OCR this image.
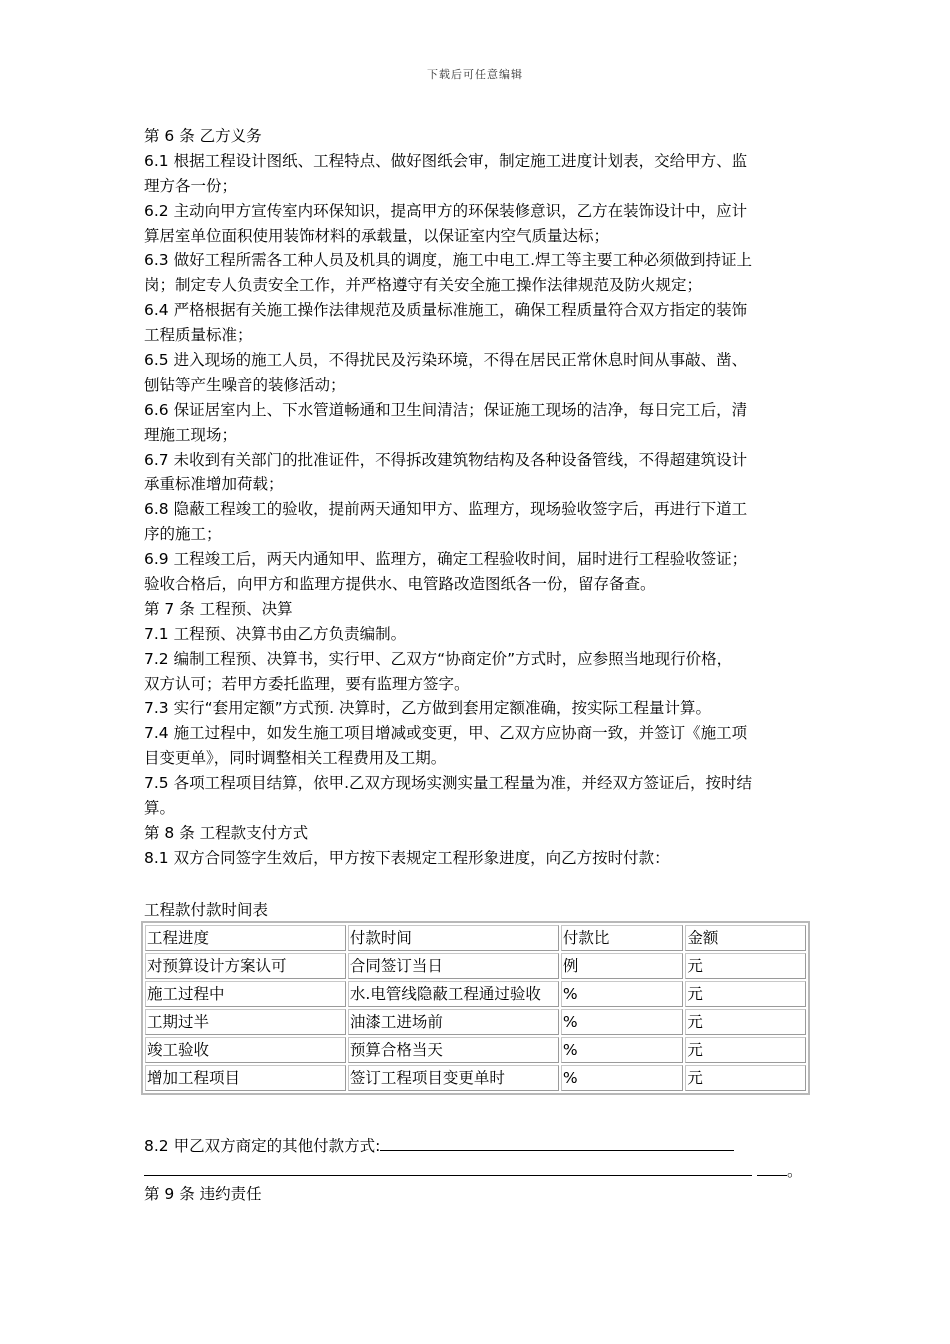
下载后可任意编辑
第 6 条 乙方义务
6.1 根据工程设计图纸、工程特点、做好图纸会审，制定施工进度计划表，交给甲方、监
理方各一份；
6.2 主动向甲方宣传室内环保知识，提高甲方的环保装修意识，乙方在装饰设计中，应计
算居室单位面积使用装饰材料的承载量，以保证室内空气质量达标；
6.3 做好工程所需各工种人员及机具的调度，施工中电工.焊工等主要工种必须做到持证上
岗；制定专人负责安全工作，并严格遵守有关安全施工操作法律规范及防火规定；
6.4 严格根据有关施工操作法律规范及质量标准施工，确保工程质量符合双方指定的装饰
工程质量标准；
6.5 进入现场的施工人员，不得扰民及污染环境，不得在居民正常休息时间从事敲、凿、
刨钻等产生噪音的装修活动；
6.6 保证居室内上、下水管道畅通和卫生间清洁；保证施工现场的洁净，每日完工后，清
理施工现场；
6.7 未收到有关部门的批准证件，不得拆改建筑物结构及各种设备管线，不得超建筑设计
承重标准增加荷载；
6.8 隐蔽工程竣工的验收，提前两天通知甲方、监理方，现场验收签字后，再进行下道工
序的施工；
6.9 工程竣工后，两天内通知甲、监理方，确定工程验收时间，届时进行工程验收签证；
验收合格后，向甲方和监理方提供水、电管路改造图纸各一份，留存备查。
第 7 条 工程预、决算
7.1 工程预、决算书由乙方负责编制。
7.2 编制工程预、决算书，实行甲、乙双方“协商定价”方式时，应参照当地现行价格，
双方认可；若甲方委托监理，要有监理方签字。
7.3 实行“套用定额”方式预. 决算时，乙方做到套用定额准确，按实际工程量计算。
7.4 施工过程中，如发生施工项目增减或变更，甲、乙双方应协商一致，并签订《施工项
目变更单》，同时调整相关工程费用及工期。
7.5 各项工程项目结算，依甲.乙双方现场实测实量工程量为准，并经双方签证后，按时结
算。
第 8 条 工程款支付方式
8.1 双方合同签字生效后，甲方按下表规定工程形象进度，向乙方按时付款：
工程款付款时间表
工程进度	付款时间	付款比	金额
对预算设计方案认可	合同签订当日	例	元
施工过程中	水.电管线隐蔽工程通过验收	%	元
工期过半	油漆工进场前	%	元
竣工验收	预算合格当天	%	元
增加工程项目	签订工程项目变更单时	%	元
8.2 甲乙双方商定的其他付款方式:
。
第 9 条 违约责任
